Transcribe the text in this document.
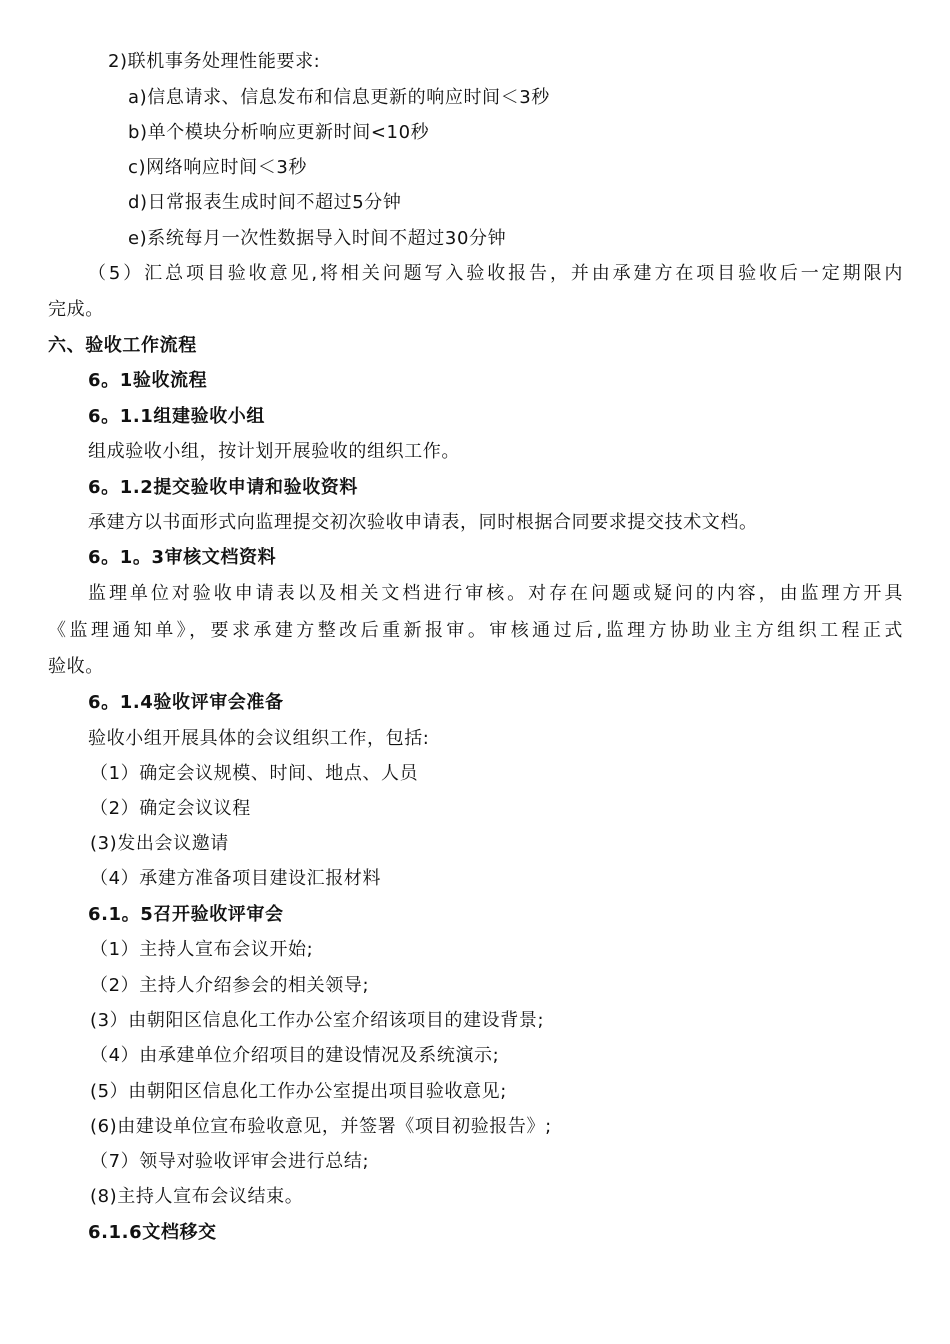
2)联机事务处理性能要求:
a)信息请求、信息发布和信息更新的响应时间＜3秒
b)单个模块分析响应更新时间<10秒
c)网络响应时间＜3秒
d)日常报表生成时间不超过5分钟
e)系统每月一次性数据导入时间不超过30分钟
（5）汇总项目验收意见,将相关问题写入验收报告，并由承建方在项目验收后一定期限内
完成。
六、验收工作流程
6。1验收流程
6。1.1组建验收小组
组成验收小组，按计划开展验收的组织工作。
6。1.2提交验收申请和验收资料
承建方以书面形式向监理提交初次验收申请表，同时根据合同要求提交技术文档。
6。1。3审核文档资料
监理单位对验收申请表以及相关文档进行审核。对存在问题或疑问的内容，由监理方开具
《监理通知单》，要求承建方整改后重新报审。审核通过后,监理方协助业主方组织工程正式
验收。
6。1.4验收评审会准备
验收小组开展具体的会议组织工作，包括:
（1）确定会议规模、时间、地点、人员
（2）确定会议议程
(3)发出会议邀请
（4）承建方准备项目建设汇报材料
6.1。5召开验收评审会
（1）主持人宣布会议开始;
（2）主持人介绍参会的相关领导;
(3）由朝阳区信息化工作办公室介绍该项目的建设背景;
（4）由承建单位介绍项目的建设情况及系统演示;
(5）由朝阳区信息化工作办公室提出项目验收意见;
(6)由建设单位宣布验收意见，并签署《项目初验报告》;
（7）领导对验收评审会进行总结;
(8)主持人宣布会议结束。
6.1.6文档移交
